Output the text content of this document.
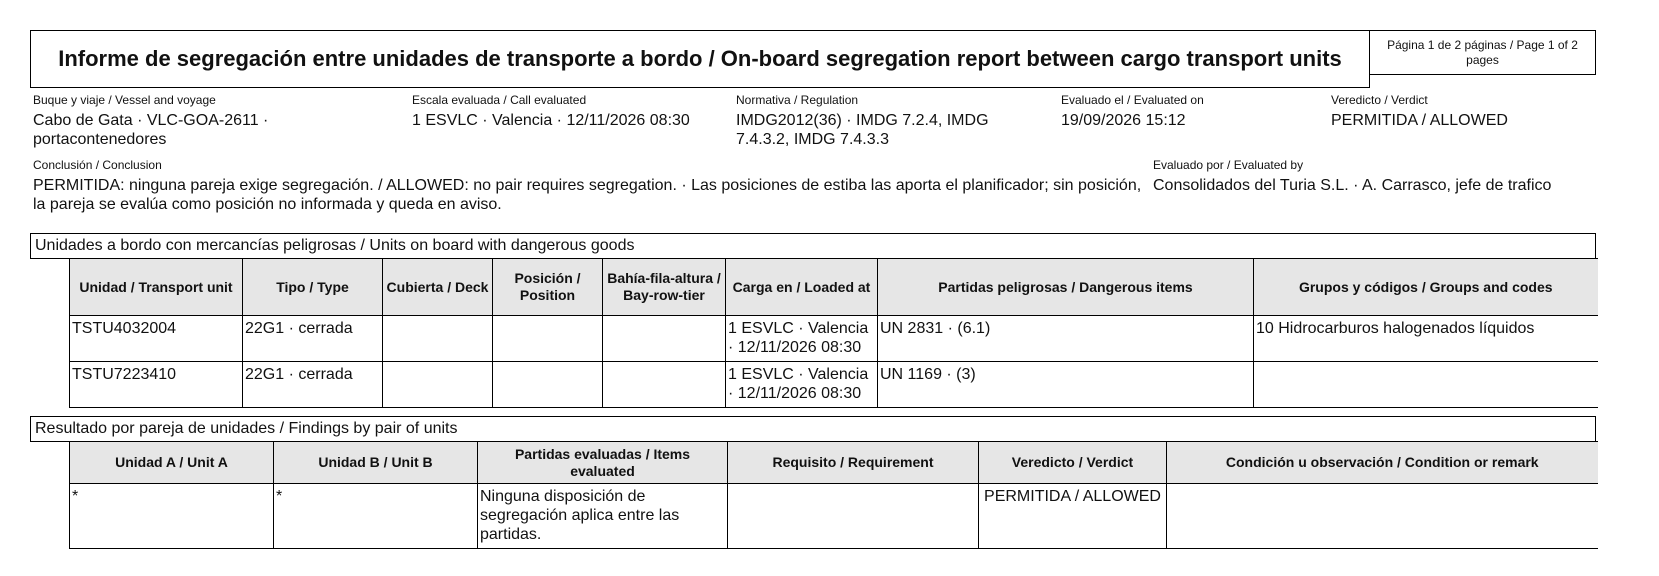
Informe de segregación entre unidades de transporte a bordo / On-board segregation report between cargo transport units
Página 1 de 2 páginas / Page 1 of 2 pages
Buque y viaje / Vessel and voyage
Cabo de Gata · VLC-GOA-2611 · portacontenedores
Escala evaluada / Call evaluated
1 ESVLC · Valencia · 12/11/2026 08:30
Normativa / Regulation
IMDG2012(36) · IMDG 7.2.4, IMDG 7.4.3.2, IMDG 7.4.3.3
Evaluado el / Evaluated on
19/09/2026 15:12
Veredicto / Verdict
PERMITIDA / ALLOWED
Conclusión / Conclusion
PERMITIDA: ninguna pareja exige segregación. / ALLOWED: no pair requires segregation. · Las posiciones de estiba las aporta el planificador; sin posición, la pareja se evalúa como posición no informada y queda en aviso.
Evaluado por / Evaluated by
Consolidados del Turia S.L. · A. Carrasco, jefe de trafico
Unidades a bordo con mercancías peligrosas / Units on board with dangerous goods
Unidad / Transport unit	Tipo / Type	Cubierta / Deck	Posición / Position	Bahía-fila-altura / Bay-row-tier	Carga en / Loaded at	Partidas peligrosas / Dangerous items	Grupos y códigos / Groups and codes
TSTU4032004	22G1 · cerrada				1 ESVLC · Valencia · 12/11/2026 08:30	UN 2831 · (6.1)	10 Hidrocarburos halogenados líquidos
TSTU7223410	22G1 · cerrada				1 ESVLC · Valencia · 12/11/2026 08:30	UN 1169 · (3)	
Resultado por pareja de unidades / Findings by pair of units
Unidad A / Unit A	Unidad B / Unit B	Partidas evaluadas / Items evaluated	Requisito / Requirement	Veredicto / Verdict	Condición u observación / Condition or remark
*	*	Ninguna disposición de segregación aplica entre las partidas.		PERMITIDA / ALLOWED	
